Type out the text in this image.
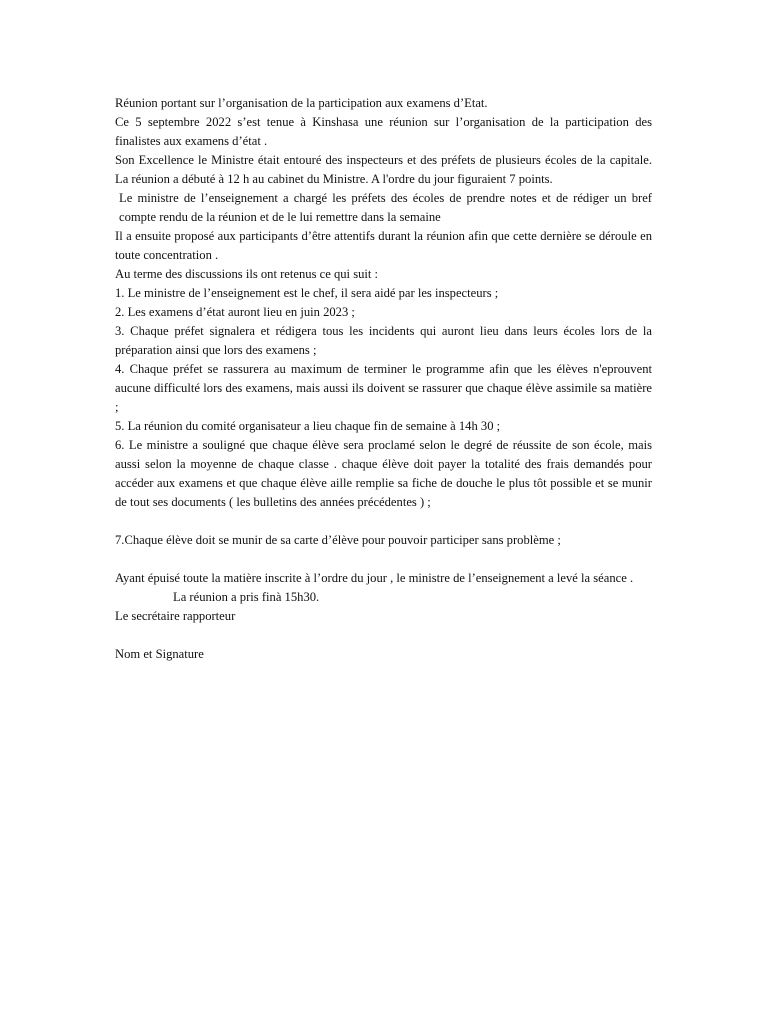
Réunion portant sur l’organisation de la participation aux examens d’Etat.

Ce 5 septembre 2022 s’est tenue à Kinshasa une réunion sur l’organisation de la participation des finalistes aux examens d’état .

Son Excellence le Ministre était entouré des inspecteurs et des préfets de plusieurs écoles de la capitale. La réunion a débuté à 12 h au cabinet du Ministre. A l'ordre du jour figuraient 7 points.

Le ministre de l’enseignement a chargé les préfets des écoles de prendre notes et de rédiger un bref compte rendu de la réunion et de le lui remettre dans la semaine

Il a ensuite proposé aux participants d’être attentifs durant la réunion afin que cette dernière se déroule en toute concentration .

Au terme des discussions ils ont retenus ce qui suit :

1. Le ministre de l’enseignement est le chef, il sera aidé par les inspecteurs ;

2. Les examens d’état auront lieu en juin 2023 ;

3. Chaque préfet signalera et rédigera tous les incidents qui auront lieu dans leurs écoles lors de la préparation ainsi que lors des examens ;

4. Chaque préfet se rassurera au maximum de terminer le programme afin que les élèves n'eprouvent aucune difficulté lors des examens, mais aussi ils doivent se rassurer que chaque élève assimile sa matière ;

5. La réunion du comité organisateur a lieu chaque fin de semaine à 14h 30 ;

6. Le ministre a souligné que chaque élève sera proclamé selon le degré de réussite de son école, mais aussi selon la moyenne de chaque classe . chaque élève doit payer la totalité des frais demandés pour accéder aux examens et que chaque élève aille remplie sa fiche de douche le plus tôt possible et se munir de tout ses documents ( les bulletins des années précédentes ) ;

7.Chaque élève doit se munir de sa carte d’élève pour pouvoir participer sans problème ;

Ayant épuisé toute la matière inscrite à l’ordre du jour , le ministre de l’enseignement a levé la séance .

La réunion a pris finà 15h30.

Le secrétaire rapporteur

Nom et Signature
